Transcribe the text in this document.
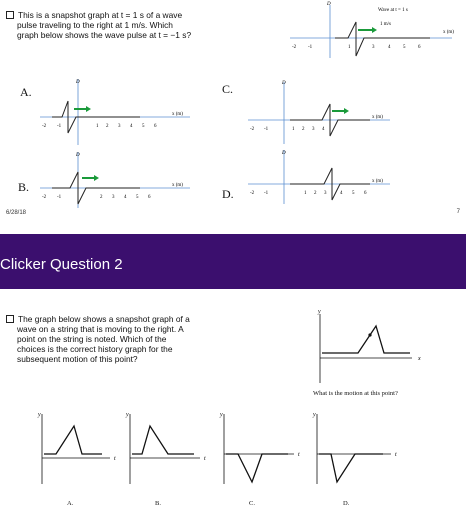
This is a snapshot graph at t = 1 s of a wave
pulse traveling to the right at 1 m/s. Which
graph below shows the wave pulse at t = −1 s?
Wave at t = 1 s
D
x (m)
1 m/s
-2 -1	1	3	4	5	6
A.
D
x (m)
-2 -1	1 2 3 4 5 6
B.
D
x (m)
-2 -1	2 3 4 5 6
C.	D
x (m)
-2 -1	1 2 3 4
D.
D
x (m)
-2 -1	1 2 3	4 5 6
6/28/18	7
Clicker Question 2
The graph below shows a snapshot graph of a
wave on a string that is moving to the right. A
point on the string is noted. Which of the
choices is the correct history graph for the
subsequent motion of this point?
y
x
What is the motion at this point?
y
t
A.
y
t
B.
y
t
C.
y
t
D.
